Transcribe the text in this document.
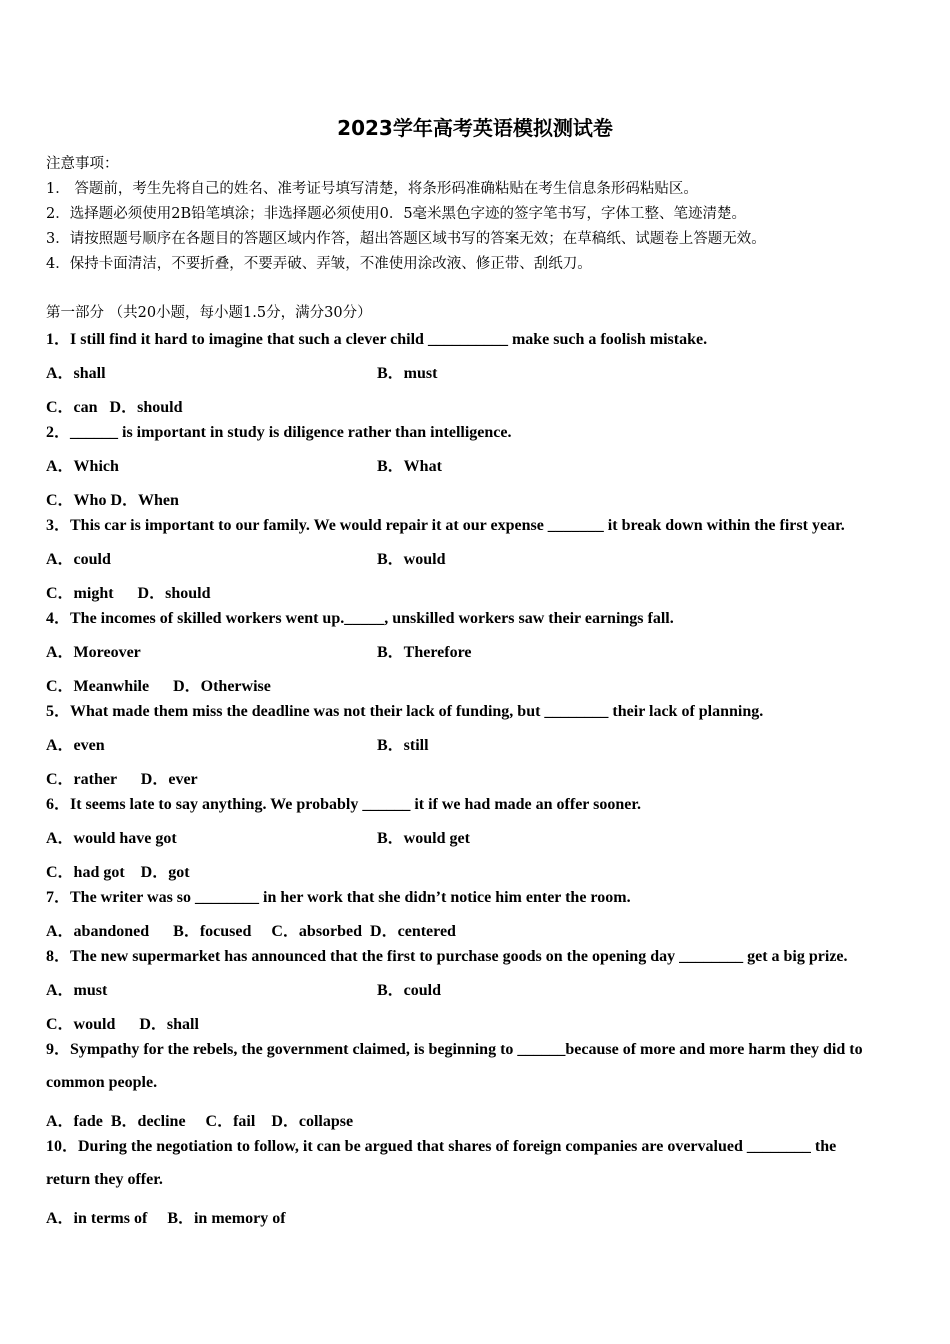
2023学年高考英语模拟测试卷
注意事项：
1． 答题前，考生先将自己的姓名、准考证号填写清楚，将条形码准确粘贴在考生信息条形码粘贴区。
2．选择题必须使用2B铅笔填涂；非选择题必须使用0．5毫米黑色字迹的签字笔书写，字体工整、笔迹清楚。
3．请按照题号顺序在各题目的答题区域内作答，超出答题区域书写的答案无效；在草稿纸、试题卷上答题无效。
4．保持卡面清洁，不要折叠，不要弄破、弄皱，不准使用涂改液、修正带、刮纸刀。
第一部分 （共20小题，每小题1.5分，满分30分）
1．I still find it hard to imagine that such a clever child __________ make such a foolish mistake.
A．shall	B．must
C．can   D．should
2．______ is important in study is diligence rather than intelligence.
A．Which	B．What
C．Who D．When
3．This car is important to our family. We would repair it at our expense _______ it break down within the first year.
A．could	B．would
C．might      D．should
4．The incomes of skilled workers went up._____, unskilled workers saw their earnings fall.
A．Moreover	B．Therefore
C．Meanwhile      D．Otherwise
5．What made them miss the deadline was not their lack of funding, but ________ their lack of planning.
A．even	B．still
C．rather      D．ever
6．It seems late to say anything. We probably ______ it if we had made an offer sooner.
A．would have got	B．would get
C．had got    D．got
7．The writer was so ________ in her work that she didn’t notice him enter the room.
A．abandoned      B．focused     C．absorbed  D．centered
8．The new supermarket has announced that the first to purchase goods on the opening day ________ get a big prize.
A．must	B．could
C．would      D．shall
9．Sympathy for the rebels, the government claimed, is beginning to ______because of more and more harm they did to
common people.
A．fade  B．decline     C．fail    D．collapse
10．During the negotiation to follow, it can be argued that shares of foreign companies are overvalued ________ the
return they offer.
A．in terms of     B．in memory of
